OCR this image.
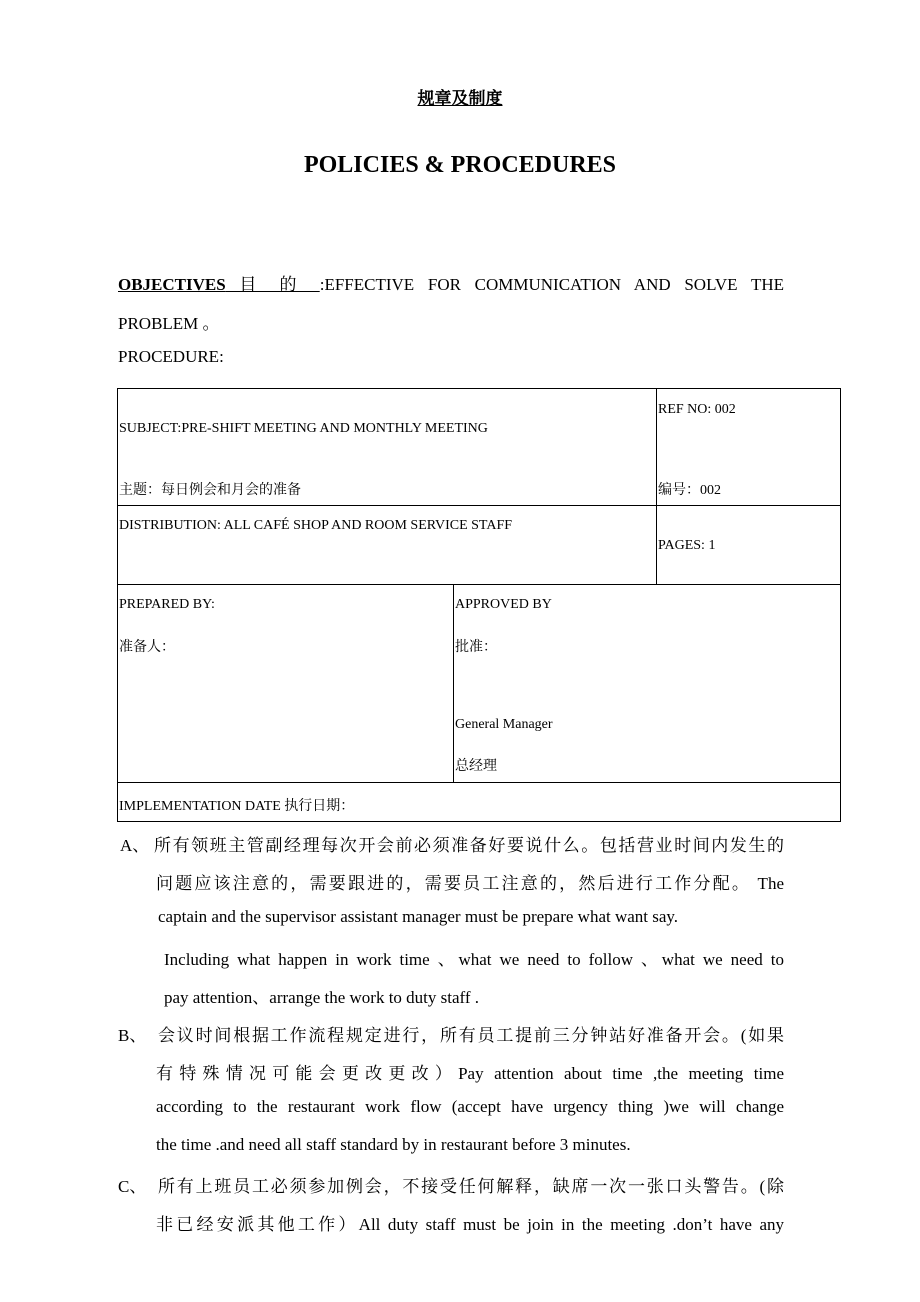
规章及制度
POLICIES & PROCEDURES
OBJECTIVES 目 的 :EFFECTIVE FOR COMMUNICATION AND SOLVE THE
PROBLEM 。
PROCEDURE:
SUBJECT:PRE-SHIFT MEETING AND MONTHLY MEETING
主题：每日例会和月会的准备
REF NO: 002
编号：002
DISTRIBUTION: ALL CAFÉ SHOP AND ROOM SERVICE STAFF
PAGES: 1
PREPARED BY:
准备人：
APPROVED BY
批准：
General Manager
总经理
IMPLEMENTATION DATE 执行日期：
A、 所有领班主管副经理每次开会前必须准备好要说什么。包括营业时间内发生的
问题应该注意的，需要跟进的，需要员工注意的，然后进行工作分配。 The
captain and the supervisor assistant manager must be prepare what want say.
Including what happen in work time 、what we need to follow 、what we need to
pay attention、arrange the work to duty staff .
B、 会议时间根据工作流程规定进行，所有员工提前三分钟站好准备开会。(如果
有特殊情况可能会更改更改）Pay attention about time ,the meeting time
according to the restaurant work flow (accept have urgency thing )we will change
the time .and need all staff standard by in restaurant before 3 minutes.
C、 所有上班员工必须参加例会，不接受任何解释，缺席一次一张口头警告。(除
非已经安派其他工作）All duty staff must be join in the meeting .don’t have any
